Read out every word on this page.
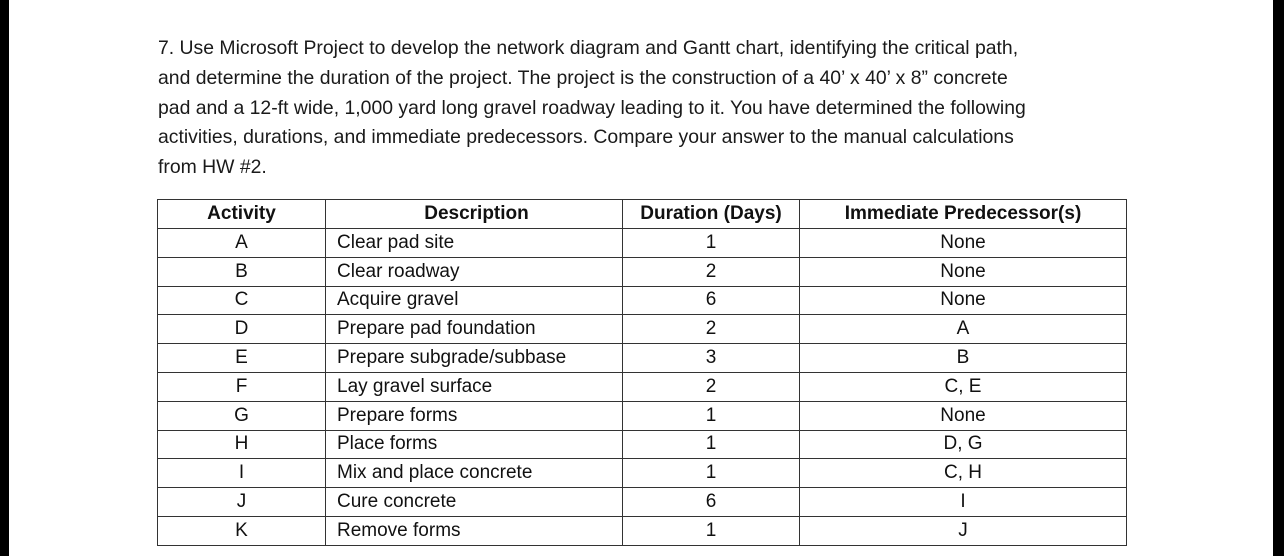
7. Use Microsoft Project to develop the network diagram and Gantt chart, identifying the critical path,
and determine the duration of the project. The project is the construction of a 40’ x 40’ x 8” concrete
pad and a 12-ft wide, 1,000 yard long gravel roadway leading to it. You have determined the following
activities, durations, and immediate predecessors. Compare your answer to the manual calculations
from HW #2.

Activity	Description	Duration (Days)	Immediate Predecessor(s)
A	Clear pad site	1	None
B	Clear roadway	2	None
C	Acquire gravel	6	None
D	Prepare pad foundation	2	A
E	Prepare subgrade/subbase	3	B
F	Lay gravel surface	2	C, E
G	Prepare forms	1	None
H	Place forms	1	D, G
I	Mix and place concrete	1	C, H
J	Cure concrete	6	I
K	Remove forms	1	J
